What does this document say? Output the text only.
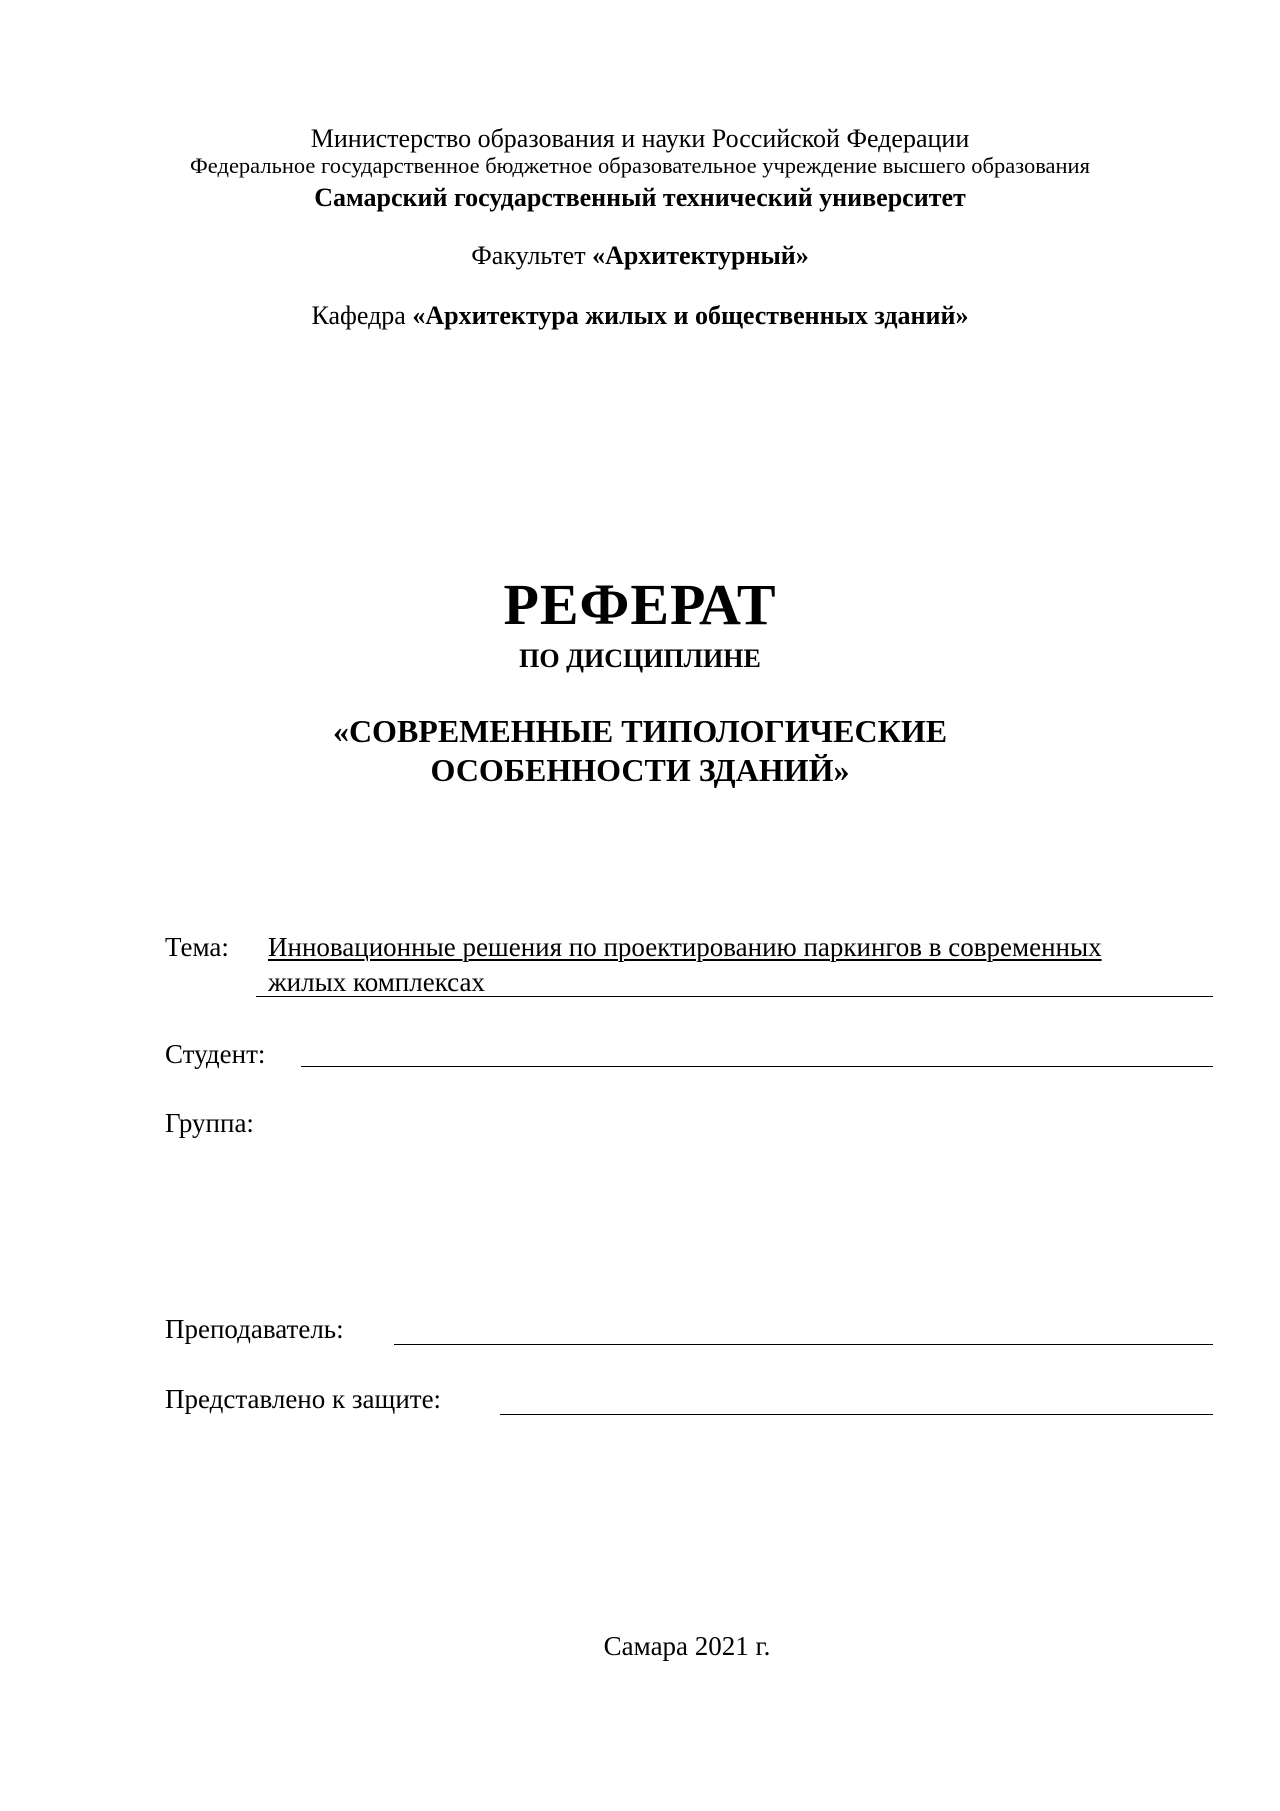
Министерство образования и науки Российской Федерации
Федеральное государственное бюджетное образовательное учреждение высшего образования
Самарский государственный технический университет
Факультет «Архитектурный»
Кафедра «Архитектура жилых и общественных зданий»
РЕФЕРАТ
ПО ДИСЦИПЛИНЕ
«СОВРЕМЕННЫЕ ТИПОЛОГИЧЕСКИЕ
ОСОБЕННОСТИ ЗДАНИЙ»
Тема: Инновационные решения по проектированию паркингов в современных
жилых комплексах
Студент:
Группа:
Преподаватель:
Представлено к защите:
Самара 2021 г.
